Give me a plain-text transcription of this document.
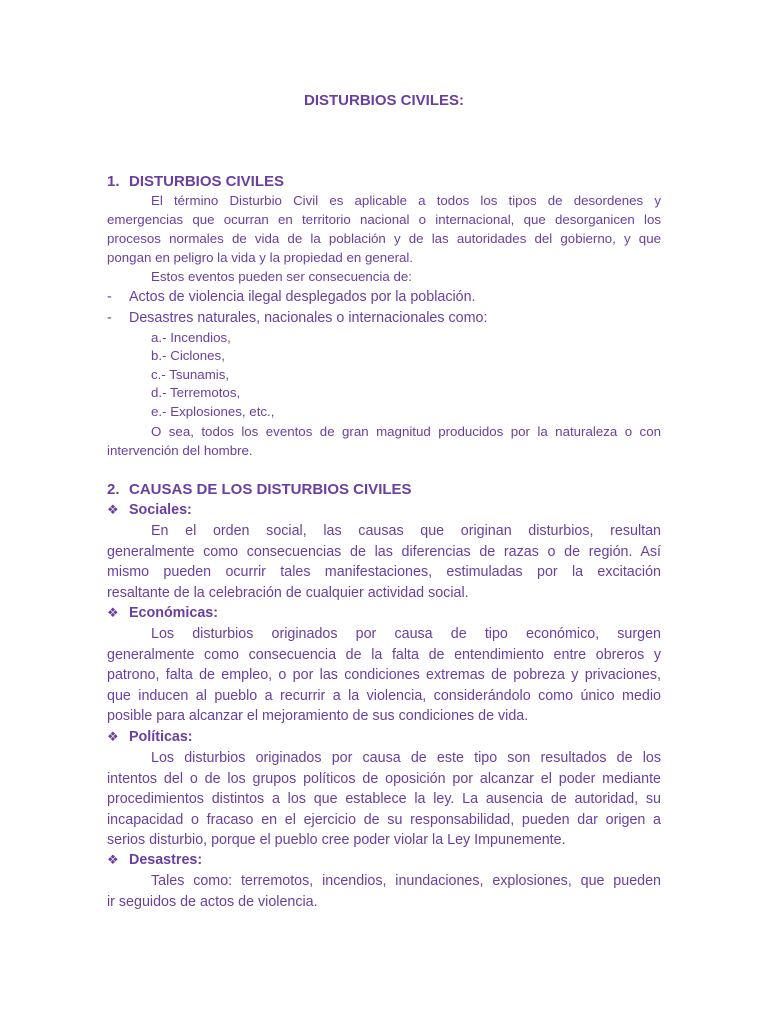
DISTURBIOS CIVILES:
1. DISTURBIOS CIVILES
El término Disturbio Civil es aplicable a todos los tipos de desordenes y
emergencias que ocurran en territorio nacional o internacional, que desorganicen los
procesos normales de vida de la población y de las autoridades del gobierno, y que
pongan en peligro la vida y la propiedad en general.
Estos eventos pueden ser consecuencia de:
- Actos de violencia ilegal desplegados por la población.
- Desastres naturales, nacionales o internacionales como:
a.- Incendios,
b.- Ciclones,
c.- Tsunamis,
d.- Terremotos,
e.- Explosiones, etc.,
O sea, todos los eventos de gran magnitud producidos por la naturaleza o con
intervención del hombre.
2. CAUSAS DE LOS DISTURBIOS CIVILES
❖ Sociales:
En el orden social, las causas que originan disturbios, resultan
generalmente como consecuencias de las diferencias de razas o de región. Así
mismo pueden ocurrir tales manifestaciones, estimuladas por la excitación
resaltante de la celebración de cualquier actividad social.
❖ Económicas:
Los disturbios originados por causa de tipo económico, surgen
generalmente como consecuencia de la falta de entendimiento entre obreros y
patrono, falta de empleo, o por las condiciones extremas de pobreza y privaciones,
que inducen al pueblo a recurrir a la violencia, considerándolo como único medio
posible para alcanzar el mejoramiento de sus condiciones de vida.
❖ Políticas:
Los disturbios originados por causa de este tipo son resultados de los
intentos del o de los grupos políticos de oposición por alcanzar el poder mediante
procedimientos distintos a los que establece la ley. La ausencia de autoridad, su
incapacidad o fracaso en el ejercicio de su responsabilidad, pueden dar origen a
serios disturbio, porque el pueblo cree poder violar la Ley Impunemente.
❖ Desastres:
Tales como: terremotos, incendios, inundaciones, explosiones, que pueden
ir seguidos de actos de violencia.
